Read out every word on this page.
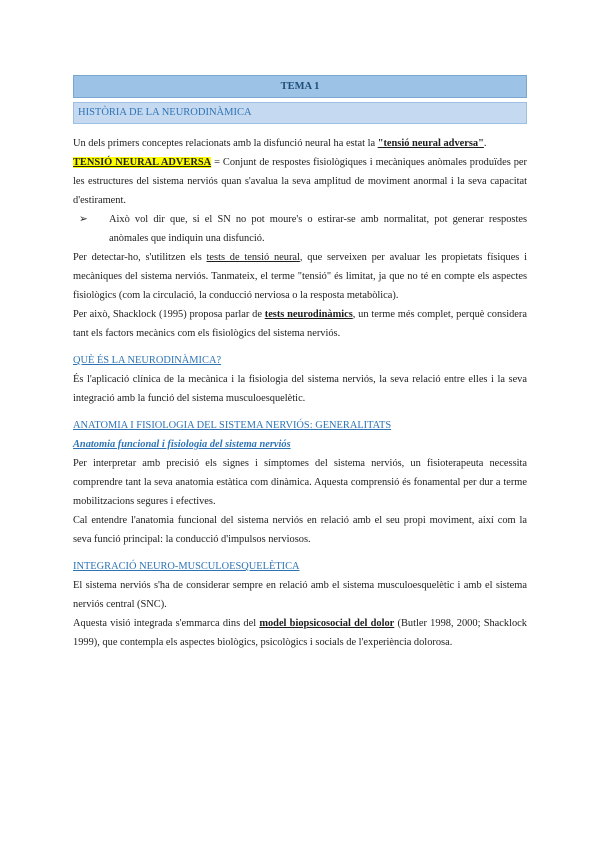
TEMA 1
HISTÒRIA DE LA NEURODINÀMICA

Un dels primers conceptes relacionats amb la disfunció neural ha estat la "tensió neural adversa".

TENSIÓ NEURAL ADVERSA = Conjunt de respostes fisiològiques i mecàniques anòmales produïdes per les estructures del sistema nerviós quan s'avalua la seva amplitud de moviment anormal i la seva capacitat d'estirament.

➢	Això vol dir que, si el SN no pot moure's o estirar-se amb normalitat, pot generar respostes anòmales que indiquin una disfunció.

Per detectar-ho, s'utilitzen els tests de tensió neural, que serveixen per avaluar les propietats físiques i mecàniques del sistema nerviós. Tanmateix, el terme "tensió" és limitat, ja que no té en compte els aspectes fisiològics (com la circulació, la conducció nerviosa o la resposta metabòlica).

Per això, Shacklock (1995) proposa parlar de tests neurodinàmics, un terme més complet, perquè considera tant els factors mecànics com els fisiològics del sistema nerviós.

QUÈ ÉS LA NEURODINÀMICA?

És l'aplicació clínica de la mecànica i la fisiologia del sistema nerviós, la seva relació entre elles i la seva integració amb la funció del sistema musculoesquelètic.

ANATOMIA I FISIOLOGIA DEL SISTEMA NERVIÓS: GENERALITATS
Anatomia funcional i fisiologia del sistema nerviós

Per interpretar amb precisió els signes i símptomes del sistema nerviós, un fisioterapeuta necessita comprendre tant la seva anatomia estàtica com dinàmica. Aquesta comprensió és fonamental per dur a terme mobilitzacions segures i efectives.

Cal entendre l'anatomia funcional del sistema nerviós en relació amb el seu propi moviment, així com la seva funció principal: la conducció d'impulsos nerviosos.

INTEGRACIÓ NEURO-MUSCULOESQUELÈTICA

El sistema nerviós s'ha de considerar sempre en relació amb el sistema musculoesquelètic i amb el sistema nerviós central (SNC).

Aquesta visió integrada s'emmarca dins del model biopsicosocial del dolor (Butler 1998, 2000; Shacklock 1999), que contempla els aspectes biològics, psicològics i socials de l'experiència dolorosa.
